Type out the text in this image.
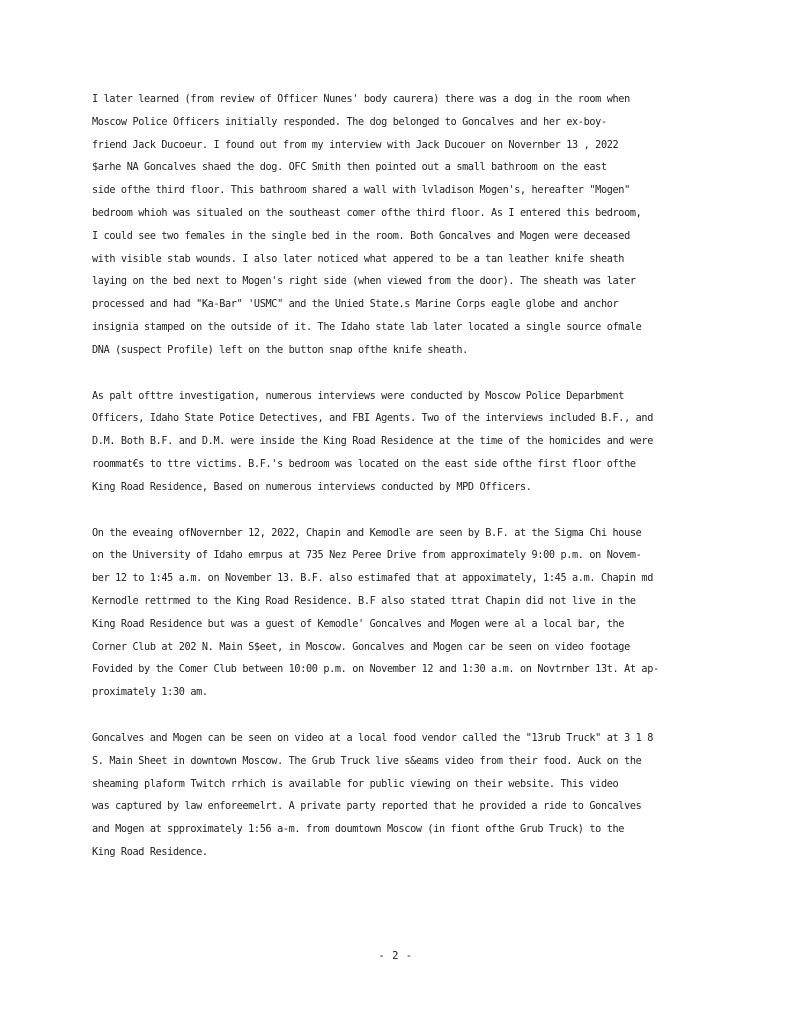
I later learned (from review of Officer Nunes' body caurera) there was a dog in the room when
Moscow Police Officers initially responded. The dog belonged to Goncalves and her ex-boy-
friend Jack Ducoeur. I found out from my interview with Jack Ducouer on Novernber 13 , 2022
$arhe NA Goncalves shaed the dog. OFC Smith then pointed out a small bathroom on the east
side ofthe third floor. This bathroom shared a wall with lvladison Mogen's, hereafter "Mogen"
bedroom whioh was situaled on the southeast comer ofthe third floor. As I entered this bedroom,
I could see two females in the single bed in the room. Both Goncalves and Mogen were deceased
with visible stab wounds. I also later noticed what appered to be a tan leather knife sheath
laying on the bed next to Mogen's right side (when viewed from the door). The sheath was later
processed and had "Ka-Bar" 'USMC" and the Unied State.s Marine Corps eagle globe and anchor
insignia stamped on the outside of it. The Idaho state lab later located a single source ofmale
DNA (suspect Profile) left on the button snap ofthe knife sheath.
As palt ofttre investigation, numerous interviews were conducted by Moscow Police Deparbment
Officers, Idaho State Potice Detectives, and FBI Agents. Two of the interviews included B.F., and
D.M. Both B.F. and D.M. were inside the King Road Residence at the time of the homicides and were
roommat€s to ttre victims. B.F.'s bedroom was located on the east side ofthe first floor ofthe
King Road Residence, Based on numerous interviews conducted by MPD Officers.
On the eveaing ofNovernber 12, 2022, Chapin and Kemodle are seen by B.F. at the Sigma Chi house
on the University of Idaho emrpus at 735 Nez Peree Drive from approximately 9:00 p.m. on Novem-
ber 12 to 1:45 a.m. on November 13. B.F. also estimafed that at appoximately, 1:45 a.m. Chapin md
Kernodle rettrmed to the King Road Residence. B.F also stated ttrat Chapin did not live in the
King Road Residence but was a guest of Kemodle' Goncalves and Mogen were al a local bar, the
Corner Club at 202 N. Main S$eet, in Moscow. Goncalves and Mogen car be seen on video footage
Fovided by the Comer Club between 10:00 p.m. on November 12 and 1:30 a.m. on Novtrnber 13t. At ap-
proximately 1:30 am.
Goncalves and Mogen can be seen on video at a local food vendor called the "13rub Truck" at 3 1 8
S. Main Sheet in downtown Moscow. The Grub Truck live s&eams video from their food. Auck on the
sheaming plaform Twitch rrhich is available for public viewing on their website. This video
was captured by law enforeemelrt. A private party reported that he provided a ride to Goncalves
and Mogen at spproximately 1:56 a-m. from doumtown Moscow (in fiont ofthe Grub Truck) to the
King Road Residence.
- 2 -
